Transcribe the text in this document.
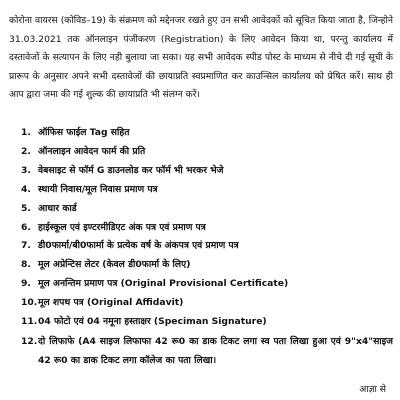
कोरोना वायरस (कोविड–19) के संक्रमण को मद्देनजर रखते हुए उन सभी आवेदकों को सूचित किया जाता है, जिन्होने 31.03.2021 तक ऑनलाइन पंजीकरण (Registration) के लिए आवेदन किया था, परन्तु कार्यालय में दस्तावेजों के सत्यापन के लिए नही बुलाया जा सका। यह सभी आवेदक स्पीड पोस्ट के माध्यम से नीचे दी गई सूची के प्रारूप के अनुसार अपने सभी दस्तावेजों की छायाप्रति स्वप्रमाणित कर काउन्सिल कार्यालय को प्रेषित करें। साथ ही आप द्वारा जमा की गई शुल्क की छायाप्रति भी संलग्न करें।

1. ऑफिस फाईल Tag सहित
2. ऑनलाइन आवेदन फार्म की प्रति
3. वेबसाइट से फॉर्म G डाउनलोड कर फॉर्म भी भरकर भेजे
4. स्थायी निवास/मूल निवास प्रमाण पत्र
5. आधार कार्ड
6. हाईस्कूल एवं इण्टरमीडिएट अंक पत्र एवं प्रमाण पत्र
7. डी0फार्मा/बी0फार्मा के प्रत्येक वर्ष के अंकपत्र एवं प्रमाण पत्र
8. मूल अप्रेन्टिस लेटर (केवल डी0फार्मा के लिए)
9. मूल अनन्तिम प्रमाण पत्र (Original Provisional Certificate)
10. मूल शपथ पत्र (Original Affidavit)
11. 04 फोटो एवं 04 नमूना हस्ताक्षर (Speciman Signature)
12. दो लिफाफे (A4 साइज लिफाफा 42 रू0 का डाक टिकट लगा स्व पता लिखा हुआ एवं 9"x4"साइज 42 रू0 का डाक टिकट लगा कॉलेज का पता लिखा।
आज्ञा से
